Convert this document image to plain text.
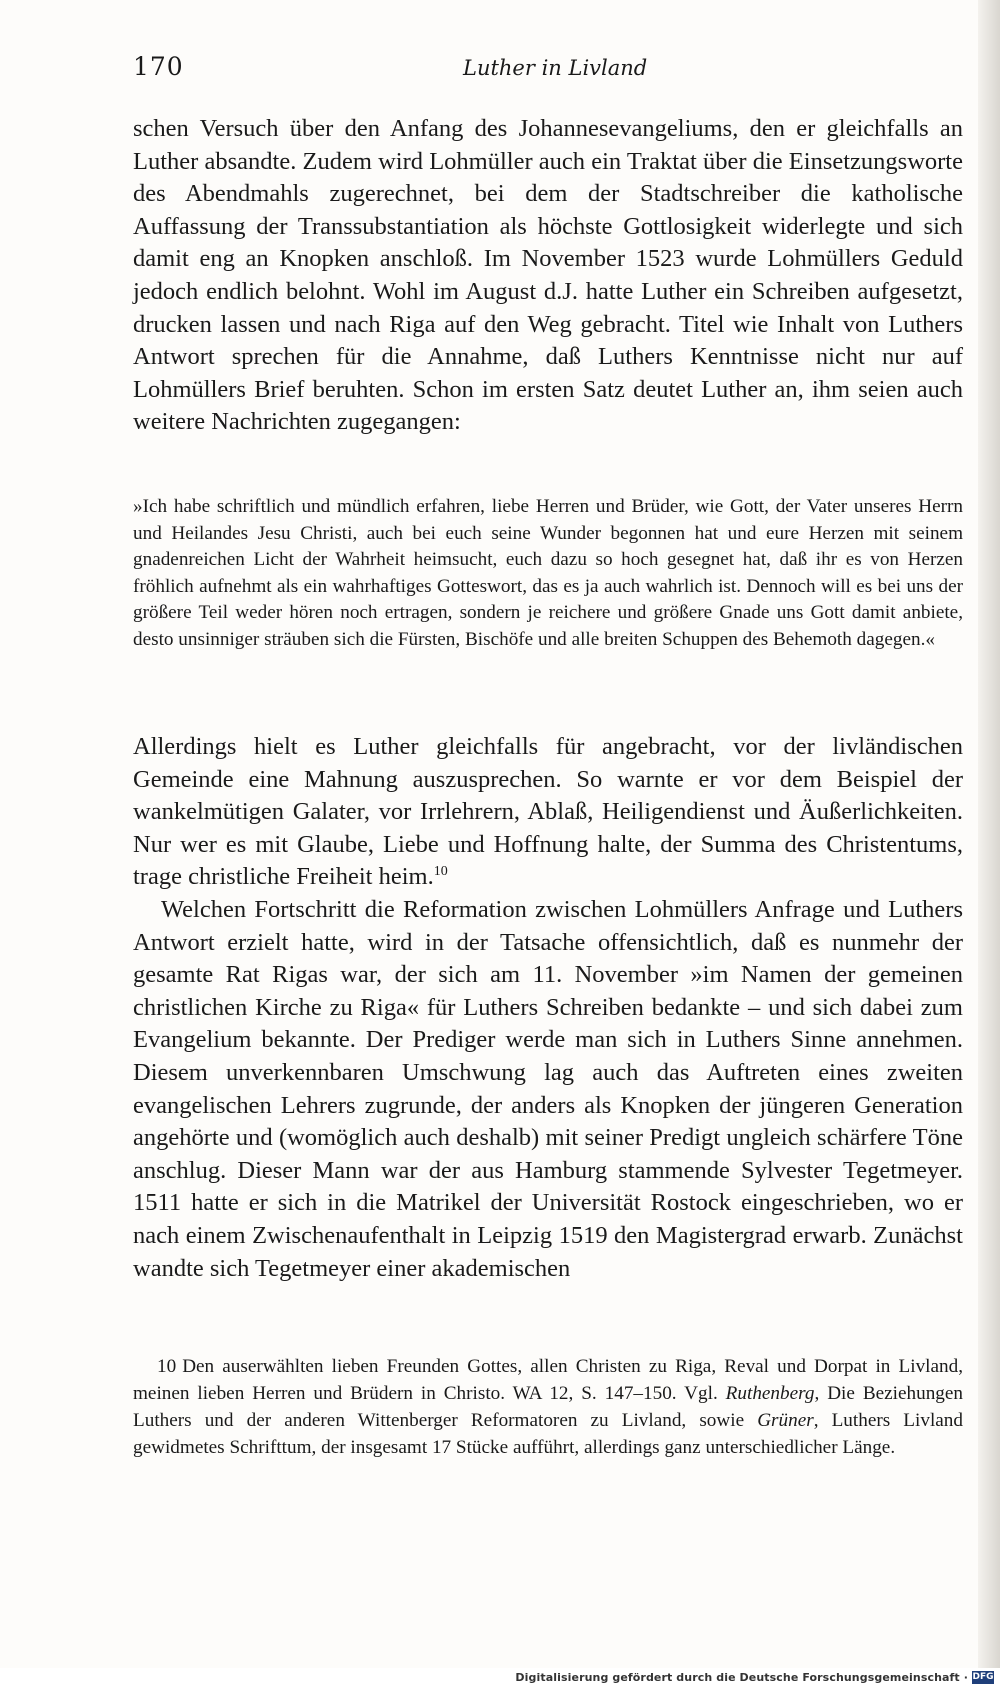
170	Luther in Livland

schen Versuch über den Anfang des Johannesevangeliums, den er gleichfalls an Luther absandte. Zudem wird Lohmüller auch ein Traktat über die Einsetzungsworte des Abendmahls zugerechnet, bei dem der Stadtschreiber die katholische Auffassung der Transsubstantiation als höchste Gottlosigkeit widerlegte und sich damit eng an Knopken anschloß. Im November 1523 wurde Lohmüllers Geduld jedoch endlich belohnt. Wohl im August d.J. hatte Luther ein Schreiben aufgesetzt, drucken lassen und nach Riga auf den Weg gebracht. Titel wie Inhalt von Luthers Antwort sprechen für die Annahme, daß Luthers Kenntnisse nicht nur auf Lohmüllers Brief beruhten. Schon im ersten Satz deutet Luther an, ihm seien auch weitere Nachrichten zugegangen:

»Ich habe schriftlich und mündlich erfahren, liebe Herren und Brüder, wie Gott, der Vater unseres Herrn und Heilandes Jesu Christi, auch bei euch seine Wunder begonnen hat und eure Herzen mit seinem gnadenreichen Licht der Wahrheit heimsucht, euch dazu so hoch gesegnet hat, daß ihr es von Herzen fröhlich aufnehmt als ein wahrhaftiges Gotteswort, das es ja auch wahrlich ist. Dennoch will es bei uns der größere Teil weder hören noch ertragen, sondern je reichere und größere Gnade uns Gott damit anbiete, desto unsinniger sträuben sich die Fürsten, Bischöfe und alle breiten Schuppen des Behemoth dagegen.«

Allerdings hielt es Luther gleichfalls für angebracht, vor der livländischen Gemeinde eine Mahnung auszusprechen. So warnte er vor dem Beispiel der wankelmütigen Galater, vor Irrlehrern, Ablaß, Heiligendienst und Äußerlichkeiten. Nur wer es mit Glaube, Liebe und Hoffnung halte, der Summa des Christentums, trage christliche Freiheit heim.$^{10}$

Welchen Fortschritt die Reformation zwischen Lohmüllers Anfrage und Luthers Antwort erzielt hatte, wird in der Tatsache offensichtlich, daß es nunmehr der gesamte Rat Rigas war, der sich am 11. November »im Namen der gemeinen christlichen Kirche zu Riga« für Luthers Schreiben bedankte – und sich dabei zum Evangelium bekannte. Der Prediger werde man sich in Luthers Sinne annehmen. Diesem unverkennbaren Umschwung lag auch das Auftreten eines zweiten evangelischen Lehrers zugrunde, der anders als Knopken der jüngeren Generation angehörte und (womöglich auch deshalb) mit seiner Predigt ungleich schärfere Töne anschlug. Dieser Mann war der aus Hamburg stammende Sylvester Tegetmeyer. 1511 hatte er sich in die Matrikel der Universität Rostock eingeschrieben, wo er nach einem Zwischenaufenthalt in Leipzig 1519 den Magistergrad erwarb. Zunächst wandte sich Tegetmeyer einer akademischen

10 Den auserwählten lieben Freunden Gottes, allen Christen zu Riga, Reval und Dorpat in Livland, meinen lieben Herren und Brüdern in Christo. WA 12, S. 147–150. Vgl. Ruthenberg, Die Beziehungen Luthers und der anderen Wittenberger Reformatoren zu Livland, sowie Grüner, Luthers Livland gewidmetes Schrifttum, der insgesamt 17 Stücke aufführt, allerdings ganz unterschiedlicher Länge.

Digitalisierung gefördert durch die Deutsche Forschungsgemeinschaft · DFG
